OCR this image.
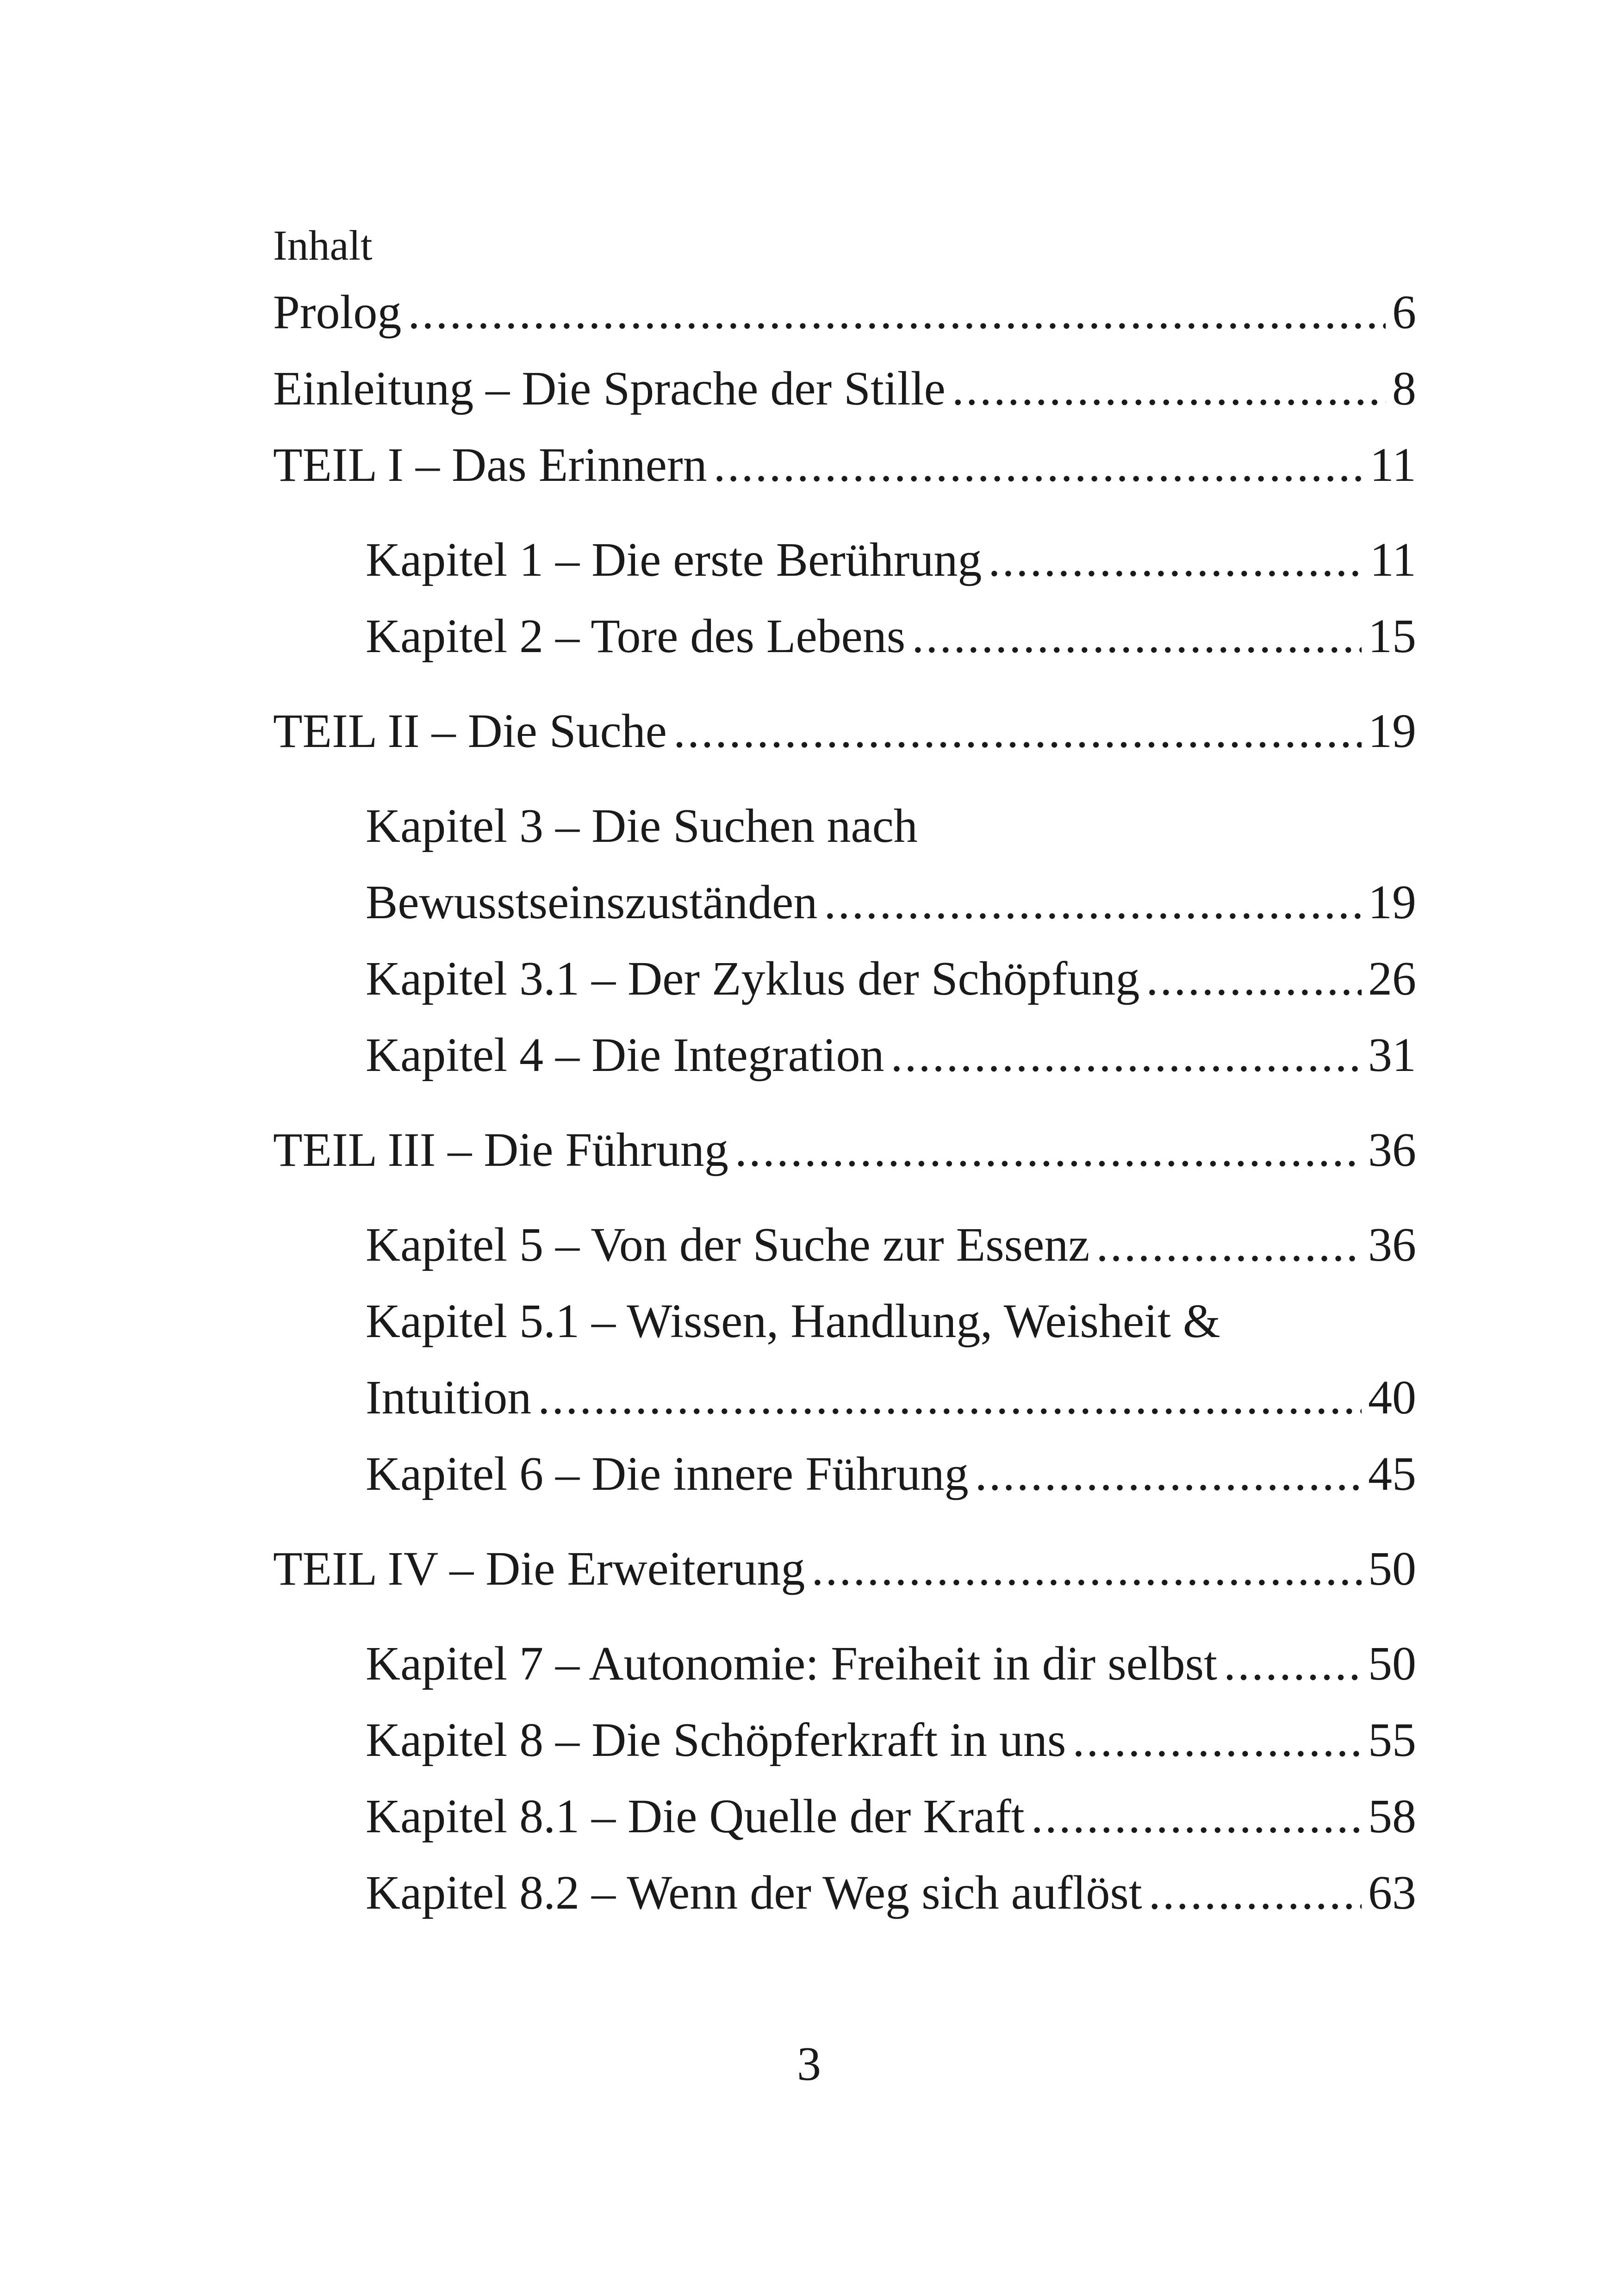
Inhalt
Prolog .....	6
Einleitung – Die Sprache der Stille .....	8
TEIL I – Das Erinnern .....	11
Kapitel 1 – Die erste Berührung .....	11
Kapitel 2 – Tore des Lebens .....	15
TEIL II – Die Suche .....	19
Kapitel 3 – Die Suchen nach
Bewusstseinszuständen .....	19
Kapitel 3.1 – Der Zyklus der Schöpfung .....	26
Kapitel 4 – Die Integration .....	31
TEIL III – Die Führung .....	36
Kapitel 5 – Von der Suche zur Essenz .....	36
Kapitel 5.1 – Wissen, Handlung, Weisheit &
Intuition .....	40
Kapitel 6 – Die innere Führung .....	45
TEIL IV – Die Erweiterung .....	50
Kapitel 7 – Autonomie: Freiheit in dir selbst .....	50
Kapitel 8 – Die Schöpferkraft in uns .....	55
Kapitel 8.1 – Die Quelle der Kraft .....	58
Kapitel 8.2 – Wenn der Weg sich auflöst .....	63
3
